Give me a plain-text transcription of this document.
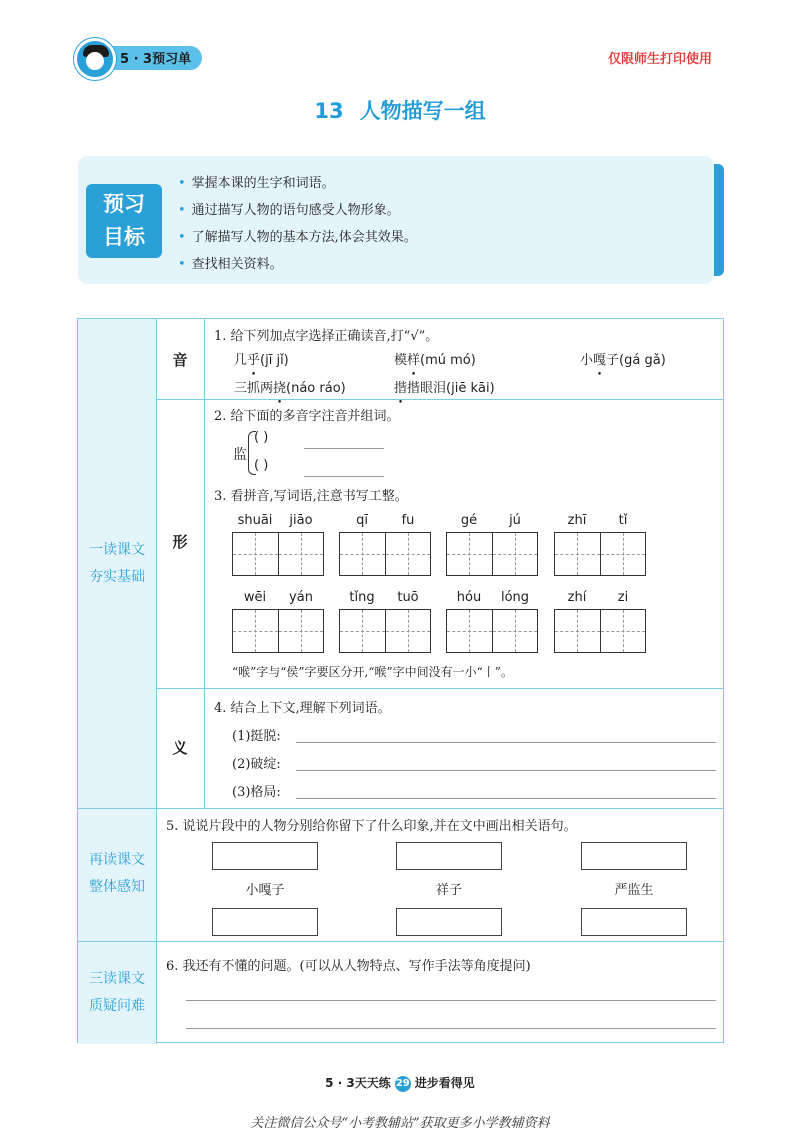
5 · 3预习单	仅限师生打印使用
13 人物描写一组
预习
目标
• 掌握本课的生字和词语。
• 通过描写人物的语句感受人物形象。
• 了解描写人物的基本方法,体会其效果。
• 查找相关资料。
一读课文
夯实基础
再读课文
整体感知
三读课文
质疑问难
音
形
义
1. 给下列加点字选择正确读音,打“√”。
几乎(jī jǐ)	模样(mú mó)	小嘎子(gá gǎ)
三抓两挠(náo ráo)	揩揩眼泪(jiē kāi)
2. 给下面的多音字注音并组词。
监
( )
( )
3. 看拼音,写词语,注意书写工整。
shuāi	jiāo	qī	fu	gé	jú	zhī	tǐ
wēi	yán	tǐng	tuō	hóu	lóng	zhí	zi
“喉”字与“侯”字要区分开,“喉”字中间没有一小“丨”。
4. 结合上下文,理解下列词语。
(1)挺脱:
(2)破绽:
(3)格局:
5. 说说片段中的人物分别给你留下了什么印象,并在文中画出相关语句。
小嘎子	祥子	严监生
6. 我还有不懂的问题。(可以从人物特点、写作手法等角度提问)
5 · 3天天练 29 进步看得见
关注微信公众号“小考教辅站”获取更多小学教辅资料
